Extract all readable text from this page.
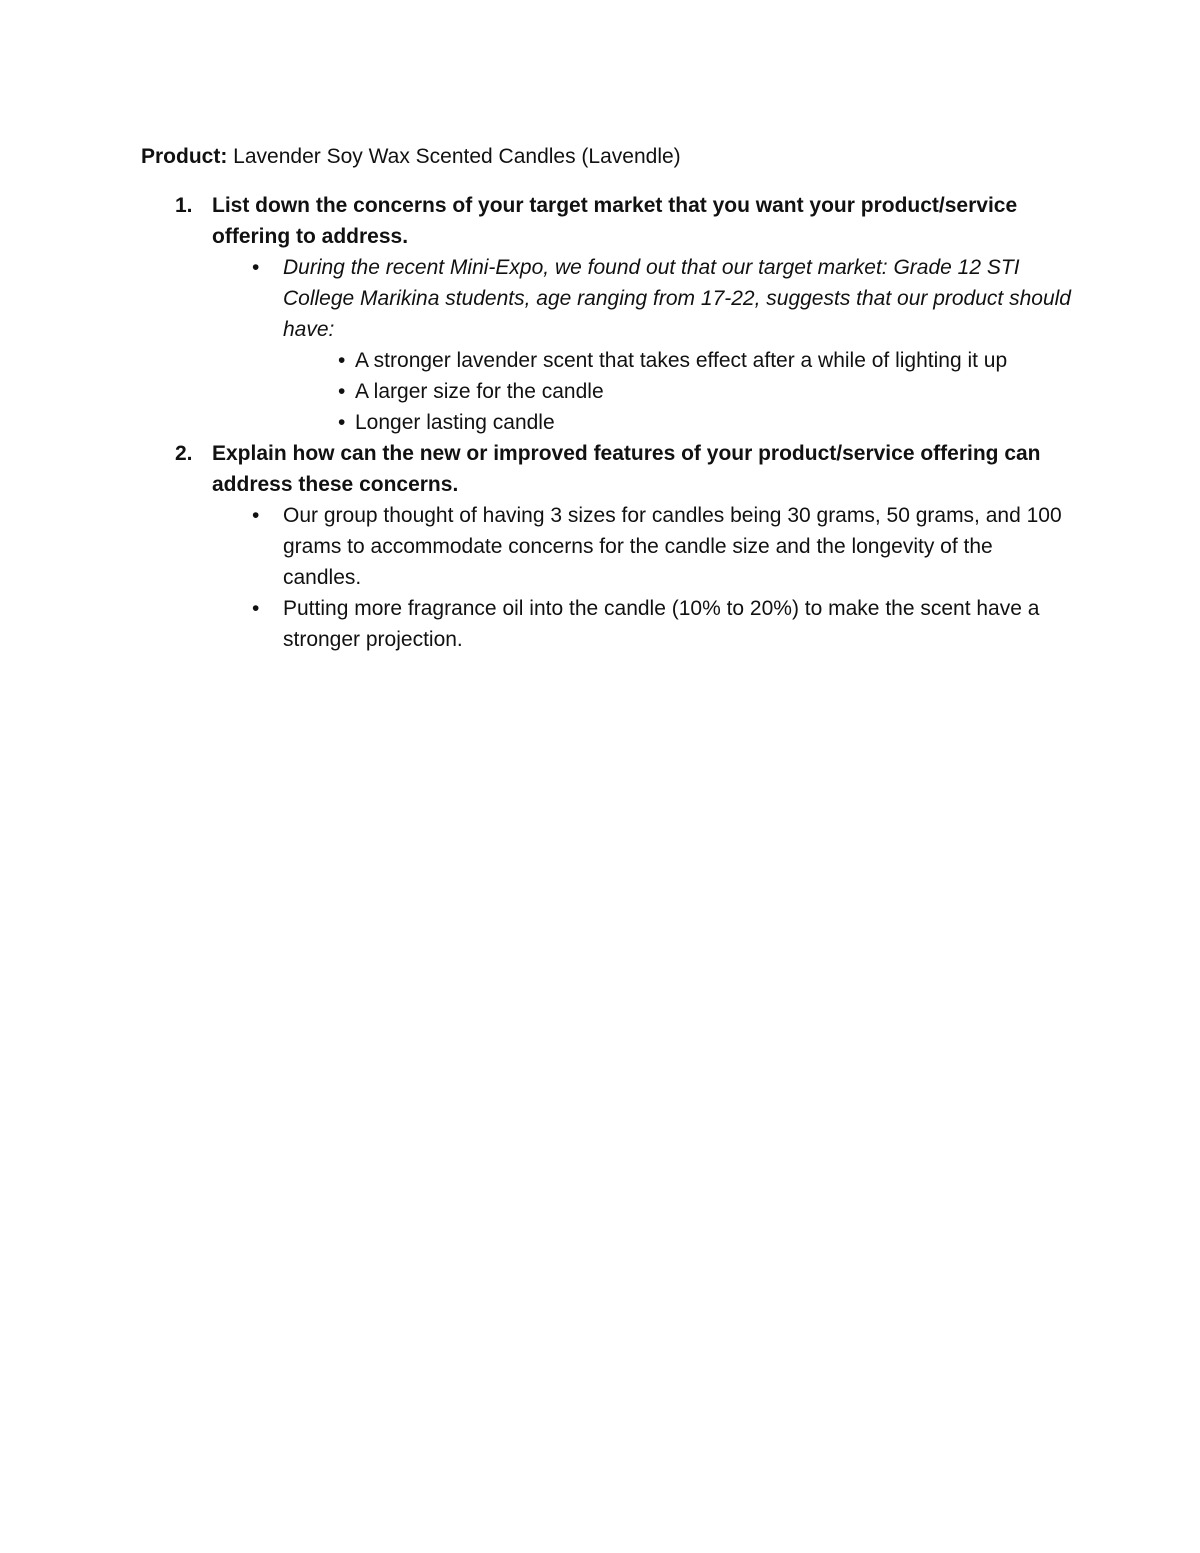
Product: Lavender Soy Wax Scented Candles (Lavendle)
1. List down the concerns of your target market that you want your product/service offering to address.
• During the recent Mini-Expo, we found out that our target market: Grade 12 STI College Marikina students, age ranging from 17-22, suggests that our product should have:
• A stronger lavender scent that takes effect after a while of lighting it up
• A larger size for the candle
• Longer lasting candle
2. Explain how can the new or improved features of your product/service offering can address these concerns.
• Our group thought of having 3 sizes for candles being 30 grams, 50 grams, and 100 grams to accommodate concerns for the candle size and the longevity of the candles.
• Putting more fragrance oil into the candle (10% to 20%) to make the scent have a stronger projection.
